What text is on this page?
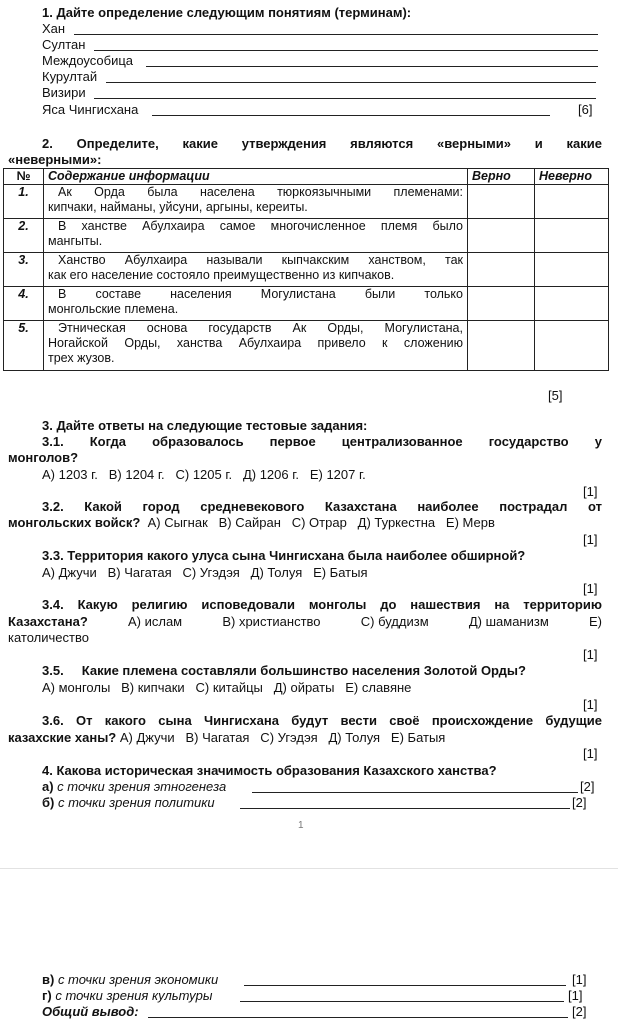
1. Дайте определение следующим понятиям (терминам):
Хан
Султан
Междоусобица
Курултай
Визири
Яса Чингисхана	[6]
2. Определите, какие утверждения являются «верными» и какие
«неверными»:
№	Содержание информации	Верно	Неверно
1.	Ак Орда была населена тюркоязычными племенами:
кипчаки, найманы, уйсуни, аргыны, кереиты.		

2.	В ханстве Абулхаира самое многочисленное племя было
мангыты.		

3.	Ханство Абулхаира называли кыпчакским ханством, так
как его население состояло преимущественно из кипчаков.		

4.	В составе населения Могулистана были только
монгольские племена.		

5.	Этническая основа государств Ак Орды, Могулистана,
Ногайской Орды, ханства Абулхаира привело к сложению
трех жузов.		

[5]
3. Дайте ответы на следующие тестовые задания:
3.1. Когда образовалось первое централизованное государство у
монголов?
А) 1203 г.   В) 1204 г.   С) 1205 г.   Д) 1206 г.   Е) 1207 г.
[1]
3.2. Какой город средневекового Казахстана наиболее пострадал от
монгольских войск?  А) Сыгнак   В) Сайран   С) Отрар   Д) Туркестна   Е) Мерв
[1]
3.3. Территория какого улуса сына Чингисхана была наиболее обширной?
А) Джучи   В) Чагатая   С) Угэдэя   Д) Толуя   Е) Батыя
[1]
3.4. Какую религию исповедовали монголы до нашествия на территорию
Казахстана?	А) ислам	В) христианство	С) буддизм	Д) шаманизм	Е)
католичество
[1]
3.5.     Какие племена составляли большинство населения Золотой Орды?
А) монголы   В) кипчаки   С) китайцы   Д) ойраты   Е) славяне
[1]
3.6. От какого сына Чингисхана будут вести своё происхождение будущие
казахские ханы? А) Джучи   В) Чагатая   С) Угэдэя   Д) Толуя   Е) Батыя
[1]
4. Какова историческая значимость образования Казахского ханства?
а) с точки зрения этногенеза	[2]
б) с точки зрения политики	[2]
1
в) с точки зрения экономики	[1]
г) с точки зрения культуры	[1]
Общий вывод:	[2]
